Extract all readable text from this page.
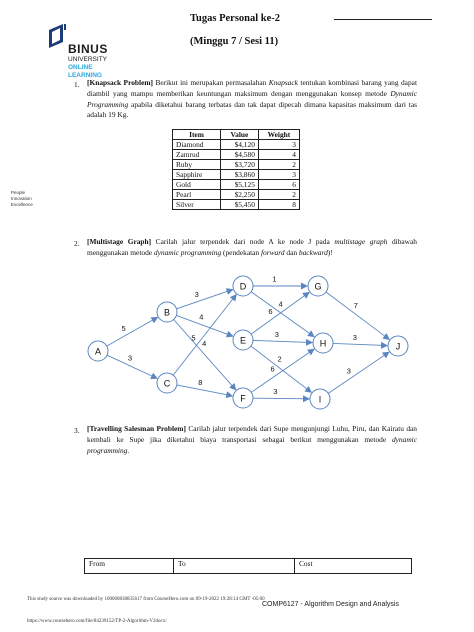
Tugas Personal ke-2
(Minggu 7 / Sesi 11)
BINUS
UNIVERSITY
ONLINE
LEARNING
People
Innovation
Excellence
1. [Knapsack Problem] Berikut ini merupakan permasalahan Knapsack tentukan kombinasi barang yang dapat diambil yang mampu memberikan keuntungan maksimum dengan menggunakan konsep metode Dynamic Programming apabila diketahui barang terbatas dan tak dapat dipecah dimana kapasitas maksimum dari tas adalah 19 Kg.
Item	Value	Weight
Diamond	$4,120	3
Zamrud	$4,580	4
Ruby	$3,720	2
Sapphire	$3,860	3
Gold	$5,125	6
Pearl	$2,250	2
Silver	$5,450	8
2. [Multistage Graph] Carilah jalur terpendek dari node A ke node J pada multistage graph dibawah menggunakan metode dynamic programming (pendekatan forward dan backward)!
5
3
3
4
4
5
8
1
4
6
3
2
6
3
7
3
3
A
B
C
D
E
F
G
H
I
J
3. [Travelling Salesman Problem] Carilah jalur terpendek dari Supe mengunjungi Luhu, Piru, dan Kairatu dan kembali ke Supe jika diketahui biaya transportasi sebagai berikut menggunakan metode dynamic programming.
From	To	Cost
This study source was downloaded by 100000838835617 from CourseHero.com on 09-19-2022 19:28:14 GMT -05:00
COMP6127 - Algorithm Design and Analysis
https://www.coursehero.com/file/84239152/TP-2-Algorithm-V2docx/
